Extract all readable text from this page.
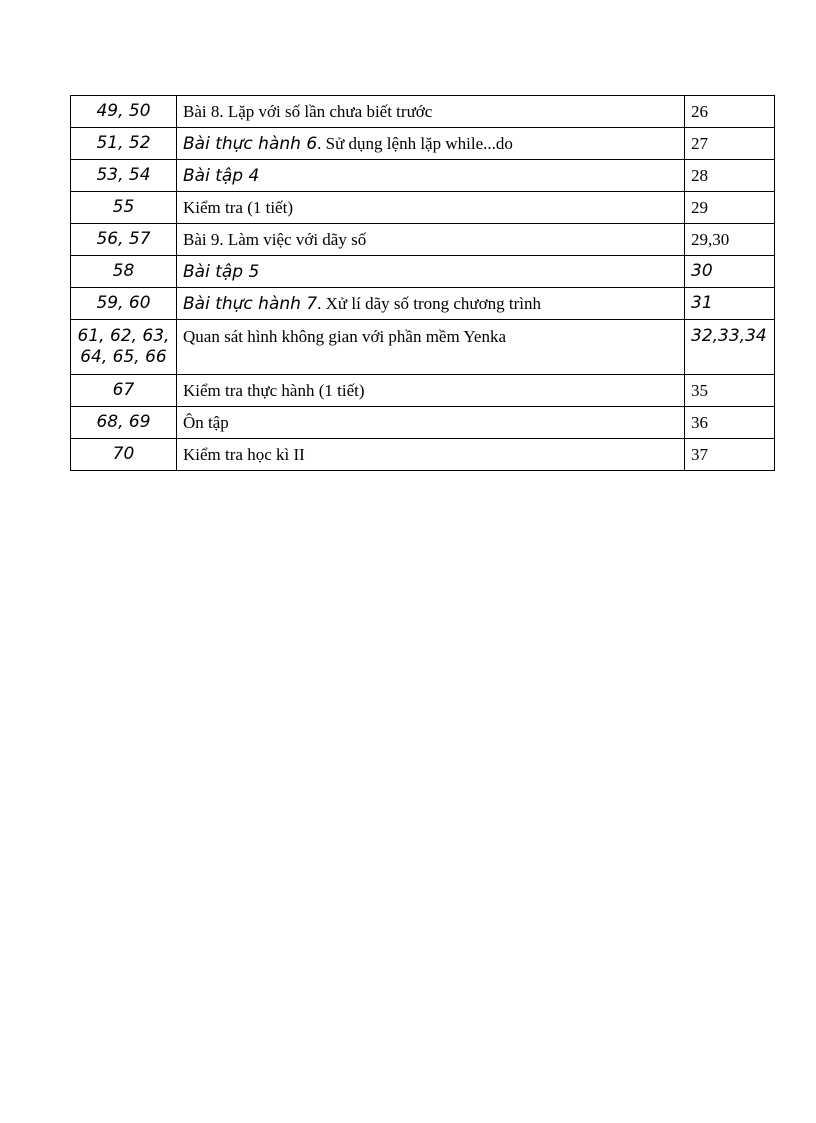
49, 50	Bài 8. Lặp với số lần chưa biết trước	26
51, 52	Bài thực hành 6. Sử dụng lệnh lặp while...do	27
53, 54	Bài tập 4	28
55	Kiểm tra (1 tiết)	29
56, 57	Bài 9. Làm việc với dãy số	29,30
58	Bài tập 5	30
59, 60	Bài thực hành 7. Xử lí dãy số trong chương trình	31
61, 62, 63, 64, 65, 66	Quan sát hình không gian với phần mềm Yenka	32,33,34
67	Kiểm tra thực hành (1 tiết)	35
68, 69	Ôn tập	36
70	Kiểm tra học kì II	37
